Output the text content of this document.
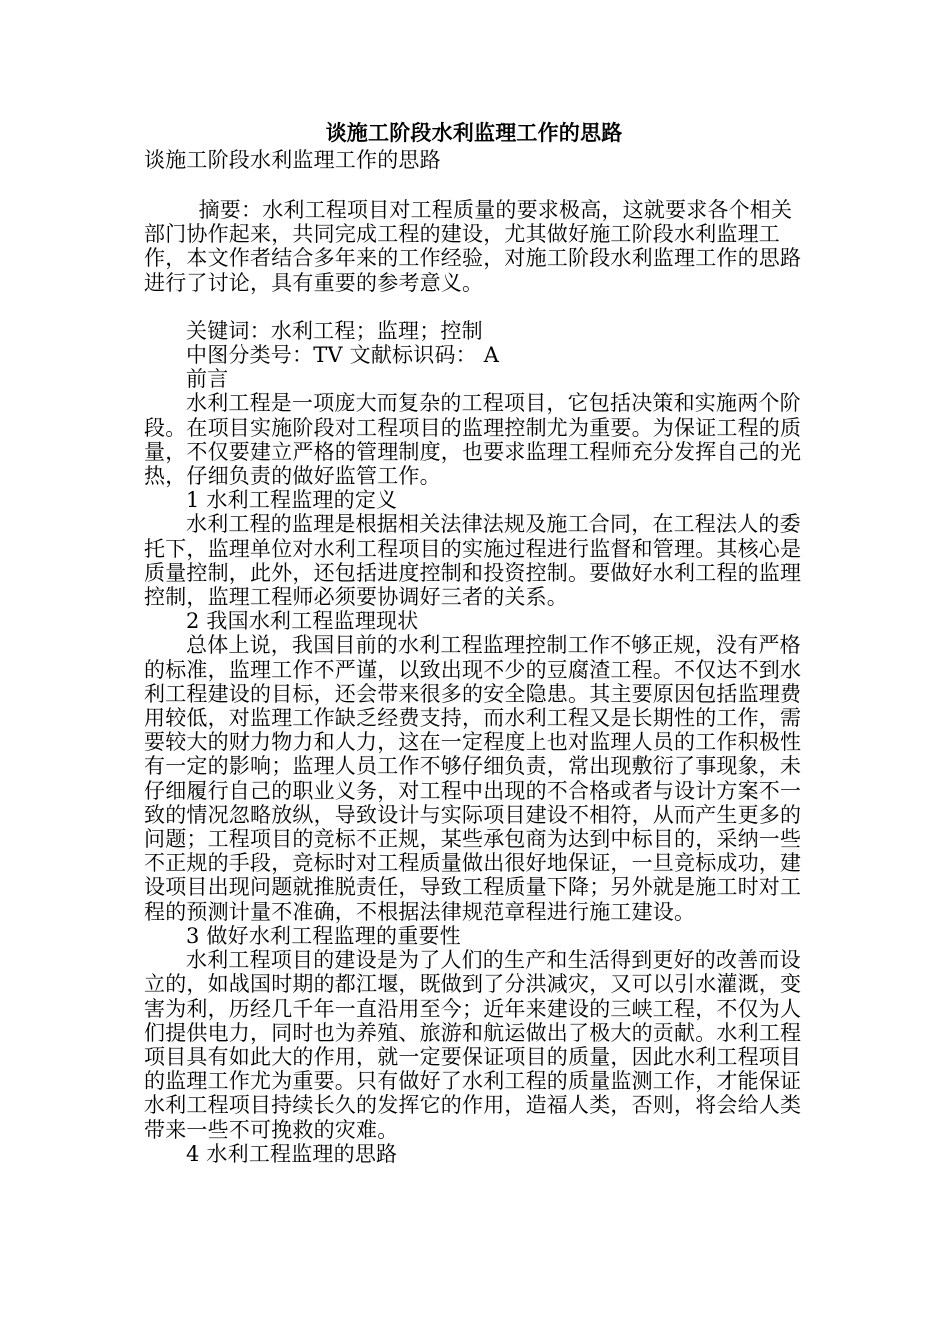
谈施工阶段水利监理工作的思路

谈施工阶段水利监理工作的思路

摘要：水利工程项目对工程质量的要求极高，这就要求各个相关部门协作起来，共同完成工程的建设，尤其做好施工阶段水利监理工作，本文作者结合多年来的工作经验，对施工阶段水利监理工作的思路进行了讨论，具有重要的参考意义。

关键词：水利工程；监理；控制

中图分类号：TV 文献标识码： A

前言

水利工程是一项庞大而复杂的工程项目，它包括决策和实施两个阶段。在项目实施阶段对工程项目的监理控制尤为重要。为保证工程的质量，不仅要建立严格的管理制度，也要求监理工程师充分发挥自己的光热，仔细负责的做好监管工作。

1 水利工程监理的定义

水利工程的监理是根据相关法律法规及施工合同，在工程法人的委托下，监理单位对水利工程项目的实施过程进行监督和管理。其核心是质量控制，此外，还包括进度控制和投资控制。要做好水利工程的监理控制，监理工程师必须要协调好三者的关系。

2 我国水利工程监理现状

总体上说，我国目前的水利工程监理控制工作不够正规，没有严格的标准，监理工作不严谨，以致出现不少的豆腐渣工程。不仅达不到水利工程建设的目标，还会带来很多的安全隐患。其主要原因包括监理费用较低，对监理工作缺乏经费支持，而水利工程又是长期性的工作，需要较大的财力物力和人力，这在一定程度上也对监理人员的工作积极性有一定的影响；监理人员工作不够仔细负责，常出现敷衍了事现象，未仔细履行自己的职业义务，对工程中出现的不合格或者与设计方案不一致的情况忽略放纵，导致设计与实际项目建设不相符，从而产生更多的问题；工程项目的竞标不正规，某些承包商为达到中标目的，采纳一些不正规的手段，竞标时对工程质量做出很好地保证，一旦竞标成功，建设项目出现问题就推脱责任，导致工程质量下降；另外就是施工时对工程的预测计量不准确，不根据法律规范章程进行施工建设。

3 做好水利工程监理的重要性

水利工程项目的建设是为了人们的生产和生活得到更好的改善而设立的，如战国时期的都江堰，既做到了分洪减灾，又可以引水灌溉，变害为利，历经几千年一直沿用至今；近年来建设的三峡工程，不仅为人们提供电力，同时也为养殖、旅游和航运做出了极大的贡献。水利工程项目具有如此大的作用，就一定要保证项目的质量，因此水利工程项目的监理工作尤为重要。只有做好了水利工程的质量监测工作，才能保证水利工程项目持续长久的发挥它的作用，造福人类，否则，将会给人类带来一些不可挽救的灾难。

4 水利工程监理的思路
